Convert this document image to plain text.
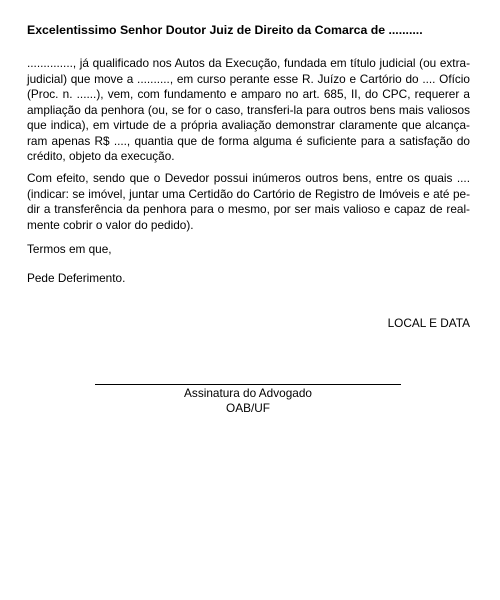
Excelentissimo Senhor Doutor Juiz de Direito da Comarca de ..........
.............., já qualificado nos Autos da Execução, fundada em título judicial (ou extra-
judicial) que move a .........., em curso perante esse R. Juízo e Cartório do .... Ofício
(Proc. n. ......), vem, com fundamento e amparo no art. 685, II, do CPC, requerer a
ampliação da penhora (ou, se for o caso, transferi-la para outros bens mais valiosos
que indica), em virtude de a própria avaliação demonstrar claramente que alcança-
ram apenas R$ ...., quantia que de forma alguma é suficiente para a satisfação do
crédito, objeto da execução.
Com efeito, sendo que o Devedor possui inúmeros outros bens, entre os quais ....
(indicar: se imóvel, juntar uma Certidão do Cartório de Registro de Imóveis e até pe-
dir a transferência da penhora para o mesmo, por ser mais valioso e capaz de real-
mente cobrir o valor do pedido).
Termos em que,
Pede Deferimento.
LOCAL E DATA
Assinatura do Advogado
OAB/UF
